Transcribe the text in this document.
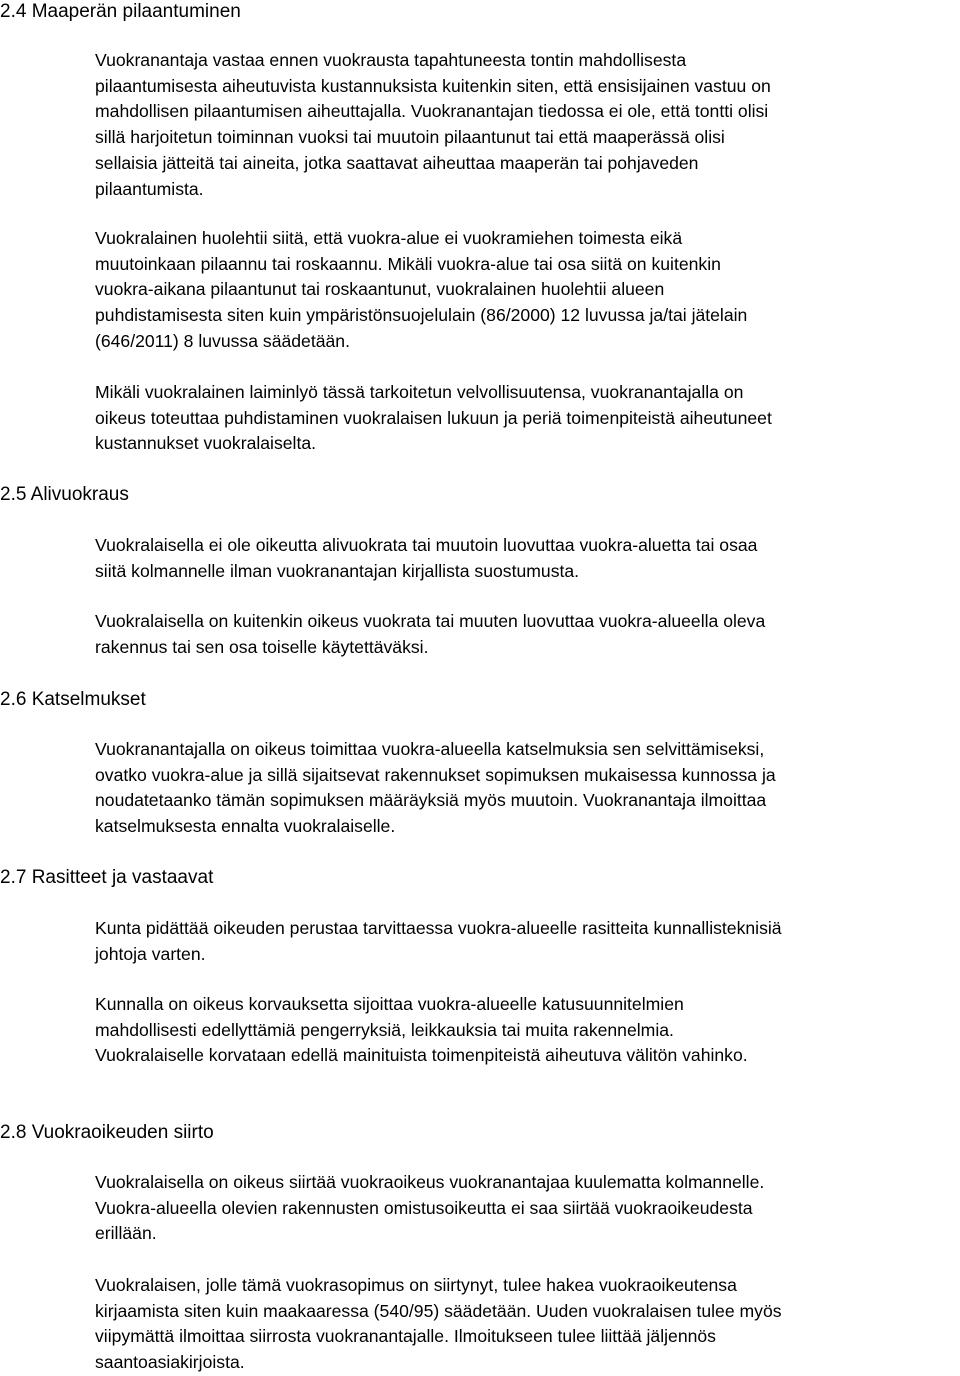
2.4 Maaperän pilaantuminen

Vuokranantaja vastaa ennen vuokrausta tapahtuneesta tontin mahdollisesta
pilaantumisesta aiheutuvista kustannuksista kuitenkin siten, että ensisijainen vastuu on
mahdollisen pilaantumisen aiheuttajalla. Vuokranantajan tiedossa ei ole, että tontti olisi
sillä harjoitetun toiminnan vuoksi tai muutoin pilaantunut tai että maaperässä olisi
sellaisia jätteitä tai aineita, jotka saattavat aiheuttaa maaperän tai pohjaveden
pilaantumista.

Vuokralainen huolehtii siitä, että vuokra-alue ei vuokramiehen toimesta eikä
muutoinkaan pilaannu tai roskaannu. Mikäli vuokra-alue tai osa siitä on kuitenkin
vuokra-aikana pilaantunut tai roskaantunut, vuokralainen huolehtii alueen
puhdistamisesta siten kuin ympäristönsuojelulain (86/2000) 12 luvussa ja/tai jätelain
(646/2011) 8 luvussa säädetään.

Mikäli vuokralainen laiminlyö tässä tarkoitetun velvollisuutensa, vuokranantajalla on
oikeus toteuttaa puhdistaminen vuokralaisen lukuun ja periä toimenpiteistä aiheutuneet
kustannukset vuokralaiselta.

2.5 Alivuokraus

Vuokralaisella ei ole oikeutta alivuokrata tai muutoin luovuttaa vuokra-aluetta tai osaa
siitä kolmannelle ilman vuokranantajan kirjallista suostumusta.

Vuokralaisella on kuitenkin oikeus vuokrata tai muuten luovuttaa vuokra-alueella oleva
rakennus tai sen osa toiselle käytettäväksi.

2.6 Katselmukset

Vuokranantajalla on oikeus toimittaa vuokra-alueella katselmuksia sen selvittämiseksi,
ovatko vuokra-alue ja sillä sijaitsevat rakennukset sopimuksen mukaisessa kunnossa ja
noudatetaanko tämän sopimuksen määräyksiä myös muutoin. Vuokranantaja ilmoittaa
katselmuksesta ennalta vuokralaiselle.

2.7 Rasitteet ja vastaavat

Kunta pidättää oikeuden perustaa tarvittaessa vuokra-alueelle rasitteita kunnallisteknisiä
johtoja varten.

Kunnalla on oikeus korvauksetta sijoittaa vuokra-alueelle katusuunnitelmien
mahdollisesti edellyttämiä pengerryksiä, leikkauksia tai muita rakennelmia.
Vuokralaiselle korvataan edellä mainituista toimenpiteistä aiheutuva välitön vahinko.

2.8 Vuokraoikeuden siirto

Vuokralaisella on oikeus siirtää vuokraoikeus vuokranantajaa kuulematta kolmannelle.
Vuokra-alueella olevien rakennusten omistusoikeutta ei saa siirtää vuokraoikeudesta
erillään.

Vuokralaisen, jolle tämä vuokrasopimus on siirtynyt, tulee hakea vuokraoikeutensa
kirjaamista siten kuin maakaaressa (540/95) säädetään. Uuden vuokralaisen tulee myös
viipymättä ilmoittaa siirrosta vuokranantajalle. Ilmoitukseen tulee liittää jäljennös
saantoasiakirjoista.
